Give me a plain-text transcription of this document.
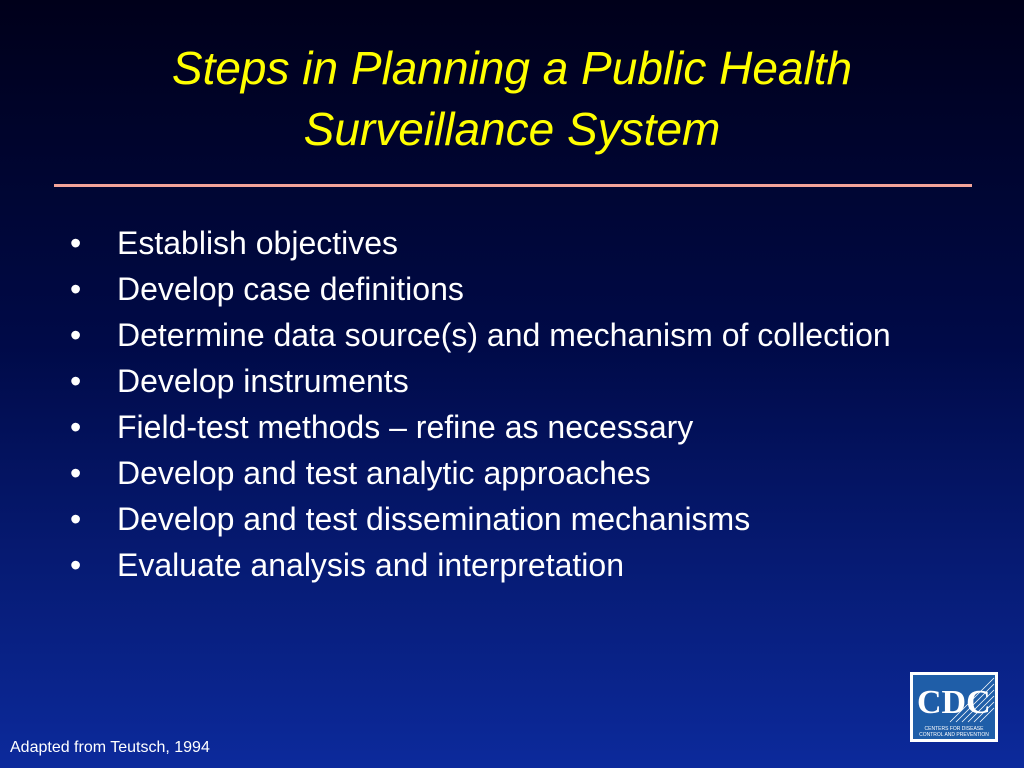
Steps in Planning a Public Health
Surveillance System
• Establish objectives
• Develop case definitions
• Determine data source(s) and mechanism of collection
• Develop instruments
• Field-test methods – refine as necessary
• Develop and test analytic approaches
• Develop and test dissemination mechanisms
• Evaluate analysis and interpretation
Adapted from Teutsch, 1994
CDC
CENTERS FOR DISEASE
CONTROL AND PREVENTION
